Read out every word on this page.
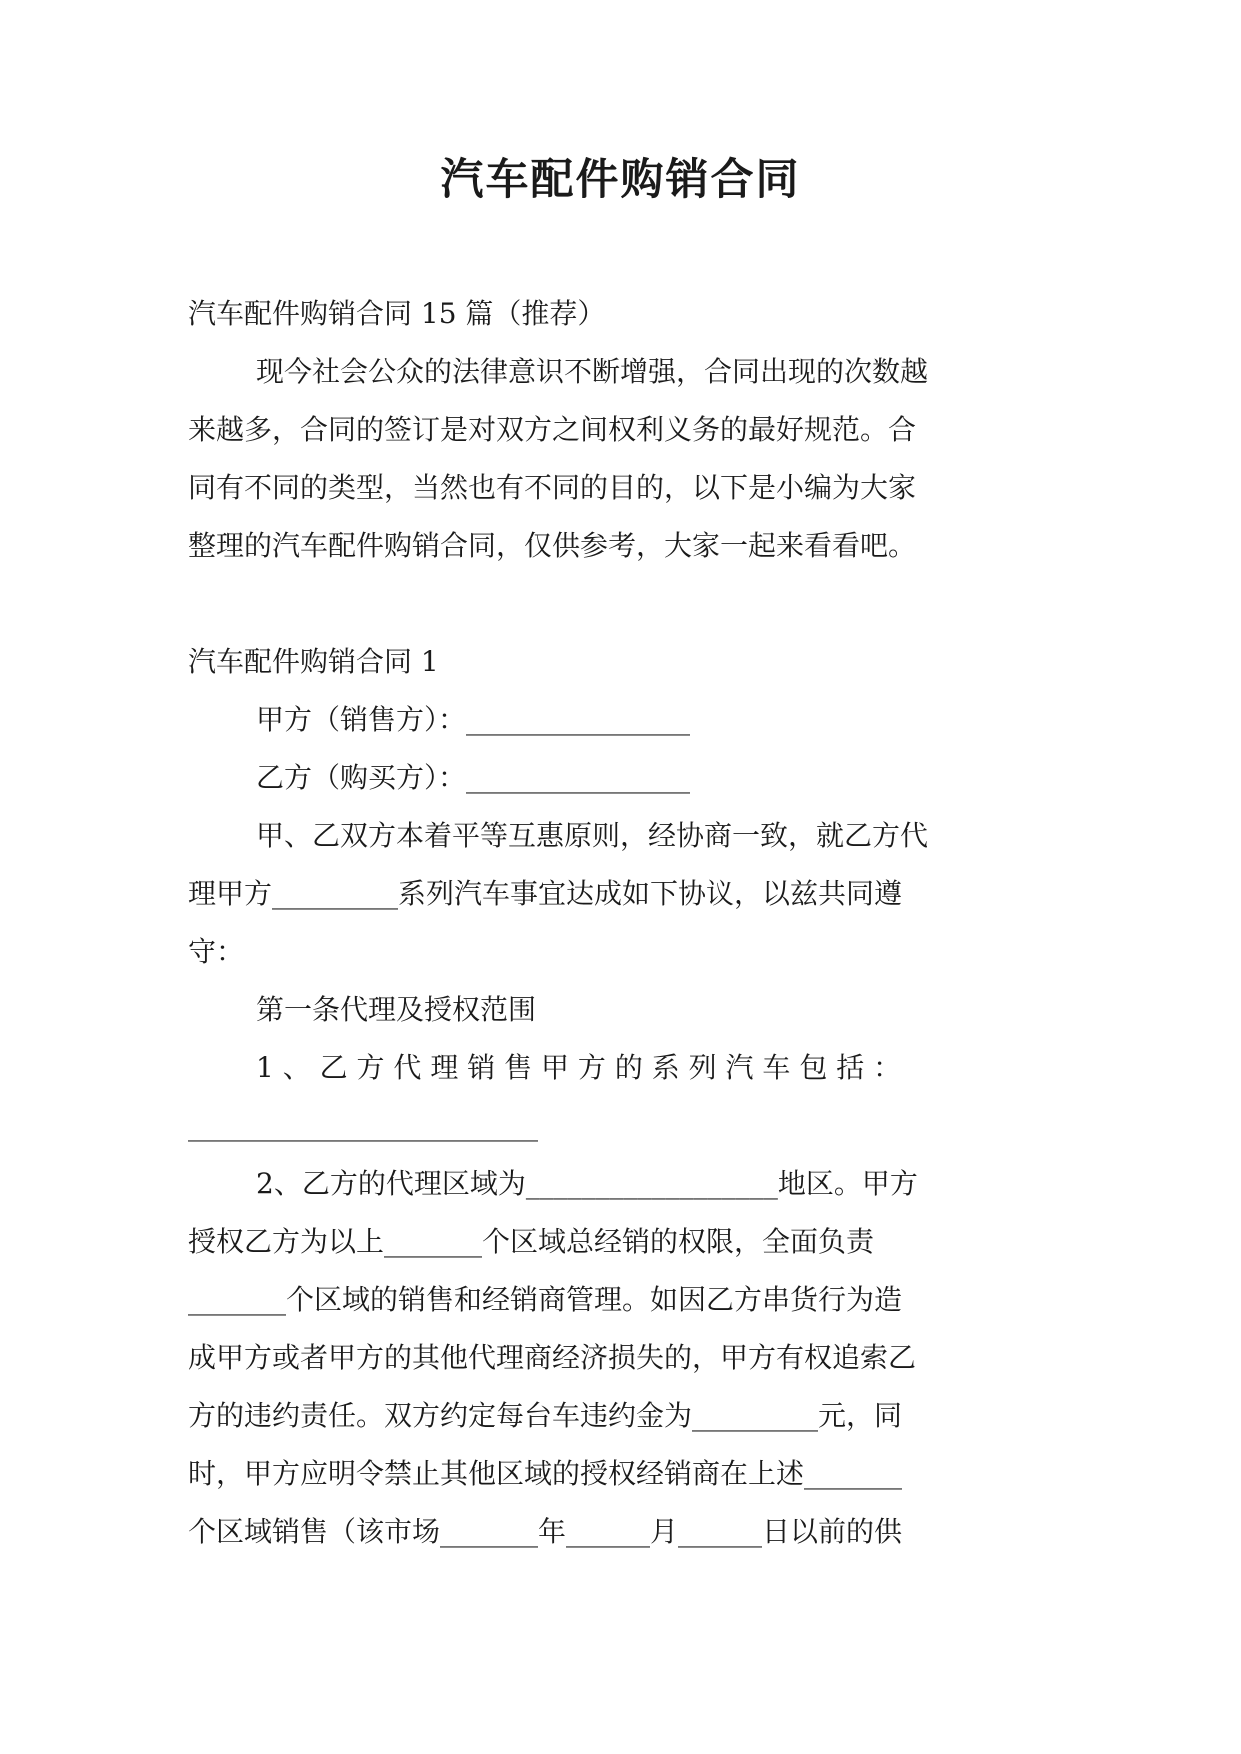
汽车配件购销合同

汽车配件购销合同 15 篇（推荐）

现今社会公众的法律意识不断增强，合同出现的次数越

来越多，合同的签订是对双方之间权利义务的最好规范。合

同有不同的类型，当然也有不同的目的，以下是小编为大家

整理的汽车配件购销合同，仅供参考，大家一起来看看吧。

汽车配件购销合同 1

甲方（销售方）：________________

乙方（购买方）：________________

甲、乙双方本着平等互惠原则，经协商一致，就乙方代

理甲方_________系列汽车事宜达成如下协议，以兹共同遵

守：

第一条代理及授权范围

1 、 乙 方 代 理 销 售 甲 方 的 系 列 汽 车 包 括 ：

_________________________

2、乙方的代理区域为__________________地区。甲方

授权乙方为以上_______个区域总经销的权限，全面负责

_______个区域的销售和经销商管理。如因乙方串货行为造

成甲方或者甲方的其他代理商经济损失的，甲方有权追索乙

方的违约责任。双方约定每台车违约金为_________元，同

时，甲方应明令禁止其他区域的授权经销商在上述_______

个区域销售（该市场_______年______月______日以前的供
